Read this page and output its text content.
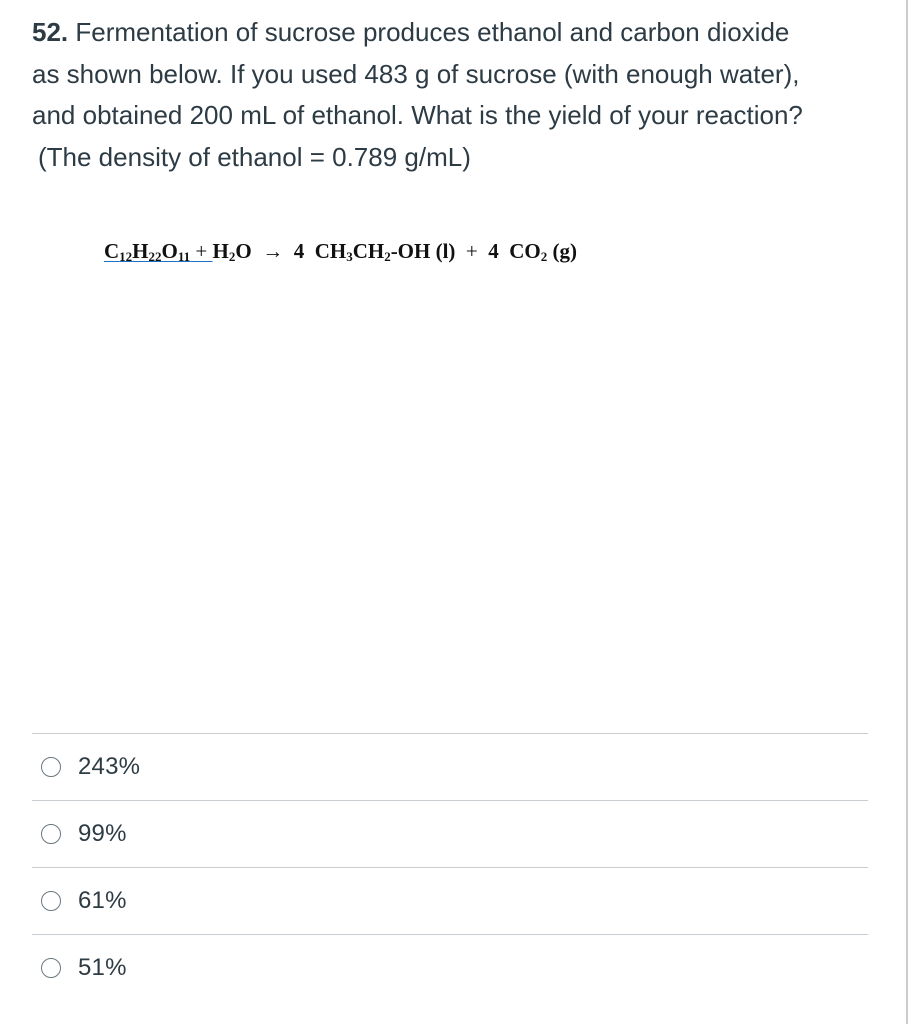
52. Fermentation of sucrose produces ethanol and carbon dioxide
as shown below. If you used 483 g of sucrose (with enough water),
and obtained 200 mL of ethanol. What is the yield of your reaction?
(The density of ethanol = 0.789 g/mL)
$C_{12}H_{22}O_{11} + H_2O \to 4$  $CH_3CH_2-OH$ (l)  +  4  $CO_2$ (g)
243%
99%
61%
51%
